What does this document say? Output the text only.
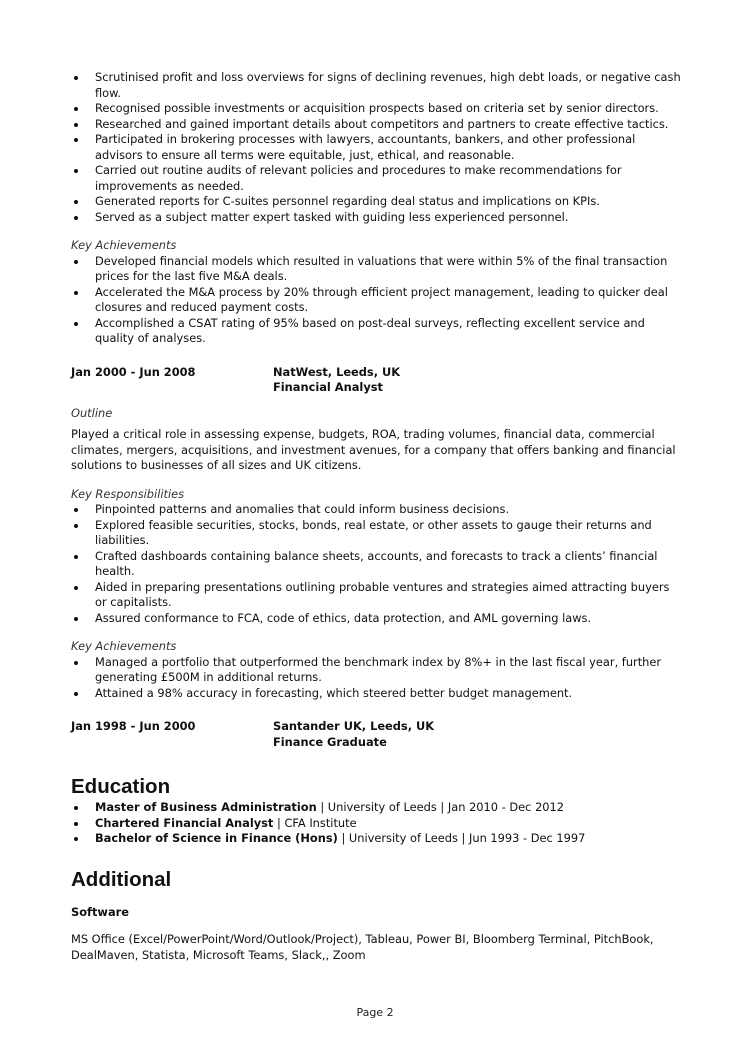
Scrutinised profit and loss overviews for signs of declining revenues, high debt loads, or negative cash flow.
Recognised possible investments or acquisition prospects based on criteria set by senior directors.
Researched and gained important details about competitors and partners to create effective tactics.
Participated in brokering processes with lawyers, accountants, bankers, and other professional advisors to ensure all terms were equitable, just, ethical, and reasonable.
Carried out routine audits of relevant policies and procedures to make recommendations for improvements as needed.
Generated reports for C-suites personnel regarding deal status and implications on KPIs.
Served as a subject matter expert tasked with guiding less experienced personnel.
Key Achievements
Developed financial models which resulted in valuations that were within 5% of the final transaction prices for the last five M&A deals.
Accelerated the M&A process by 20% through efficient project management, leading to quicker deal closures and reduced payment costs.
Accomplished a CSAT rating of 95% based on post-deal surveys, reflecting excellent service and quality of analyses.
Jan 2000 - Jun 2008	NatWest, Leeds, UK
Financial Analyst
Outline
Played a critical role in assessing expense, budgets, ROA, trading volumes, financial data, commercial climates, mergers, acquisitions, and investment avenues, for a company that offers banking and financial solutions to businesses of all sizes and UK citizens.
Key Responsibilities
Pinpointed patterns and anomalies that could inform business decisions.
Explored feasible securities, stocks, bonds, real estate, or other assets to gauge their returns and liabilities.
Crafted dashboards containing balance sheets, accounts, and forecasts to track a clients’ financial health.
Aided in preparing presentations outlining probable ventures and strategies aimed attracting buyers or capitalists.
Assured conformance to FCA, code of ethics, data protection, and AML governing laws.
Key Achievements
Managed a portfolio that outperformed the benchmark index by 8%+ in the last fiscal year, further generating £500M in additional returns.
Attained a 98% accuracy in forecasting, which steered better budget management.
Jan 1998 - Jun 2000	Santander UK, Leeds, UK
Finance Graduate
Education
Master of Business Administration | University of Leeds | Jan 2010 - Dec 2012
Chartered Financial Analyst | CFA Institute
Bachelor of Science in Finance (Hons) | University of Leeds | Jun 1993 - Dec 1997
Additional
Software
MS Office (Excel/PowerPoint/Word/Outlook/Project), Tableau, Power BI, Bloomberg Terminal, PitchBook, DealMaven, Statista, Microsoft Teams, Slack,, Zoom
Page 2
